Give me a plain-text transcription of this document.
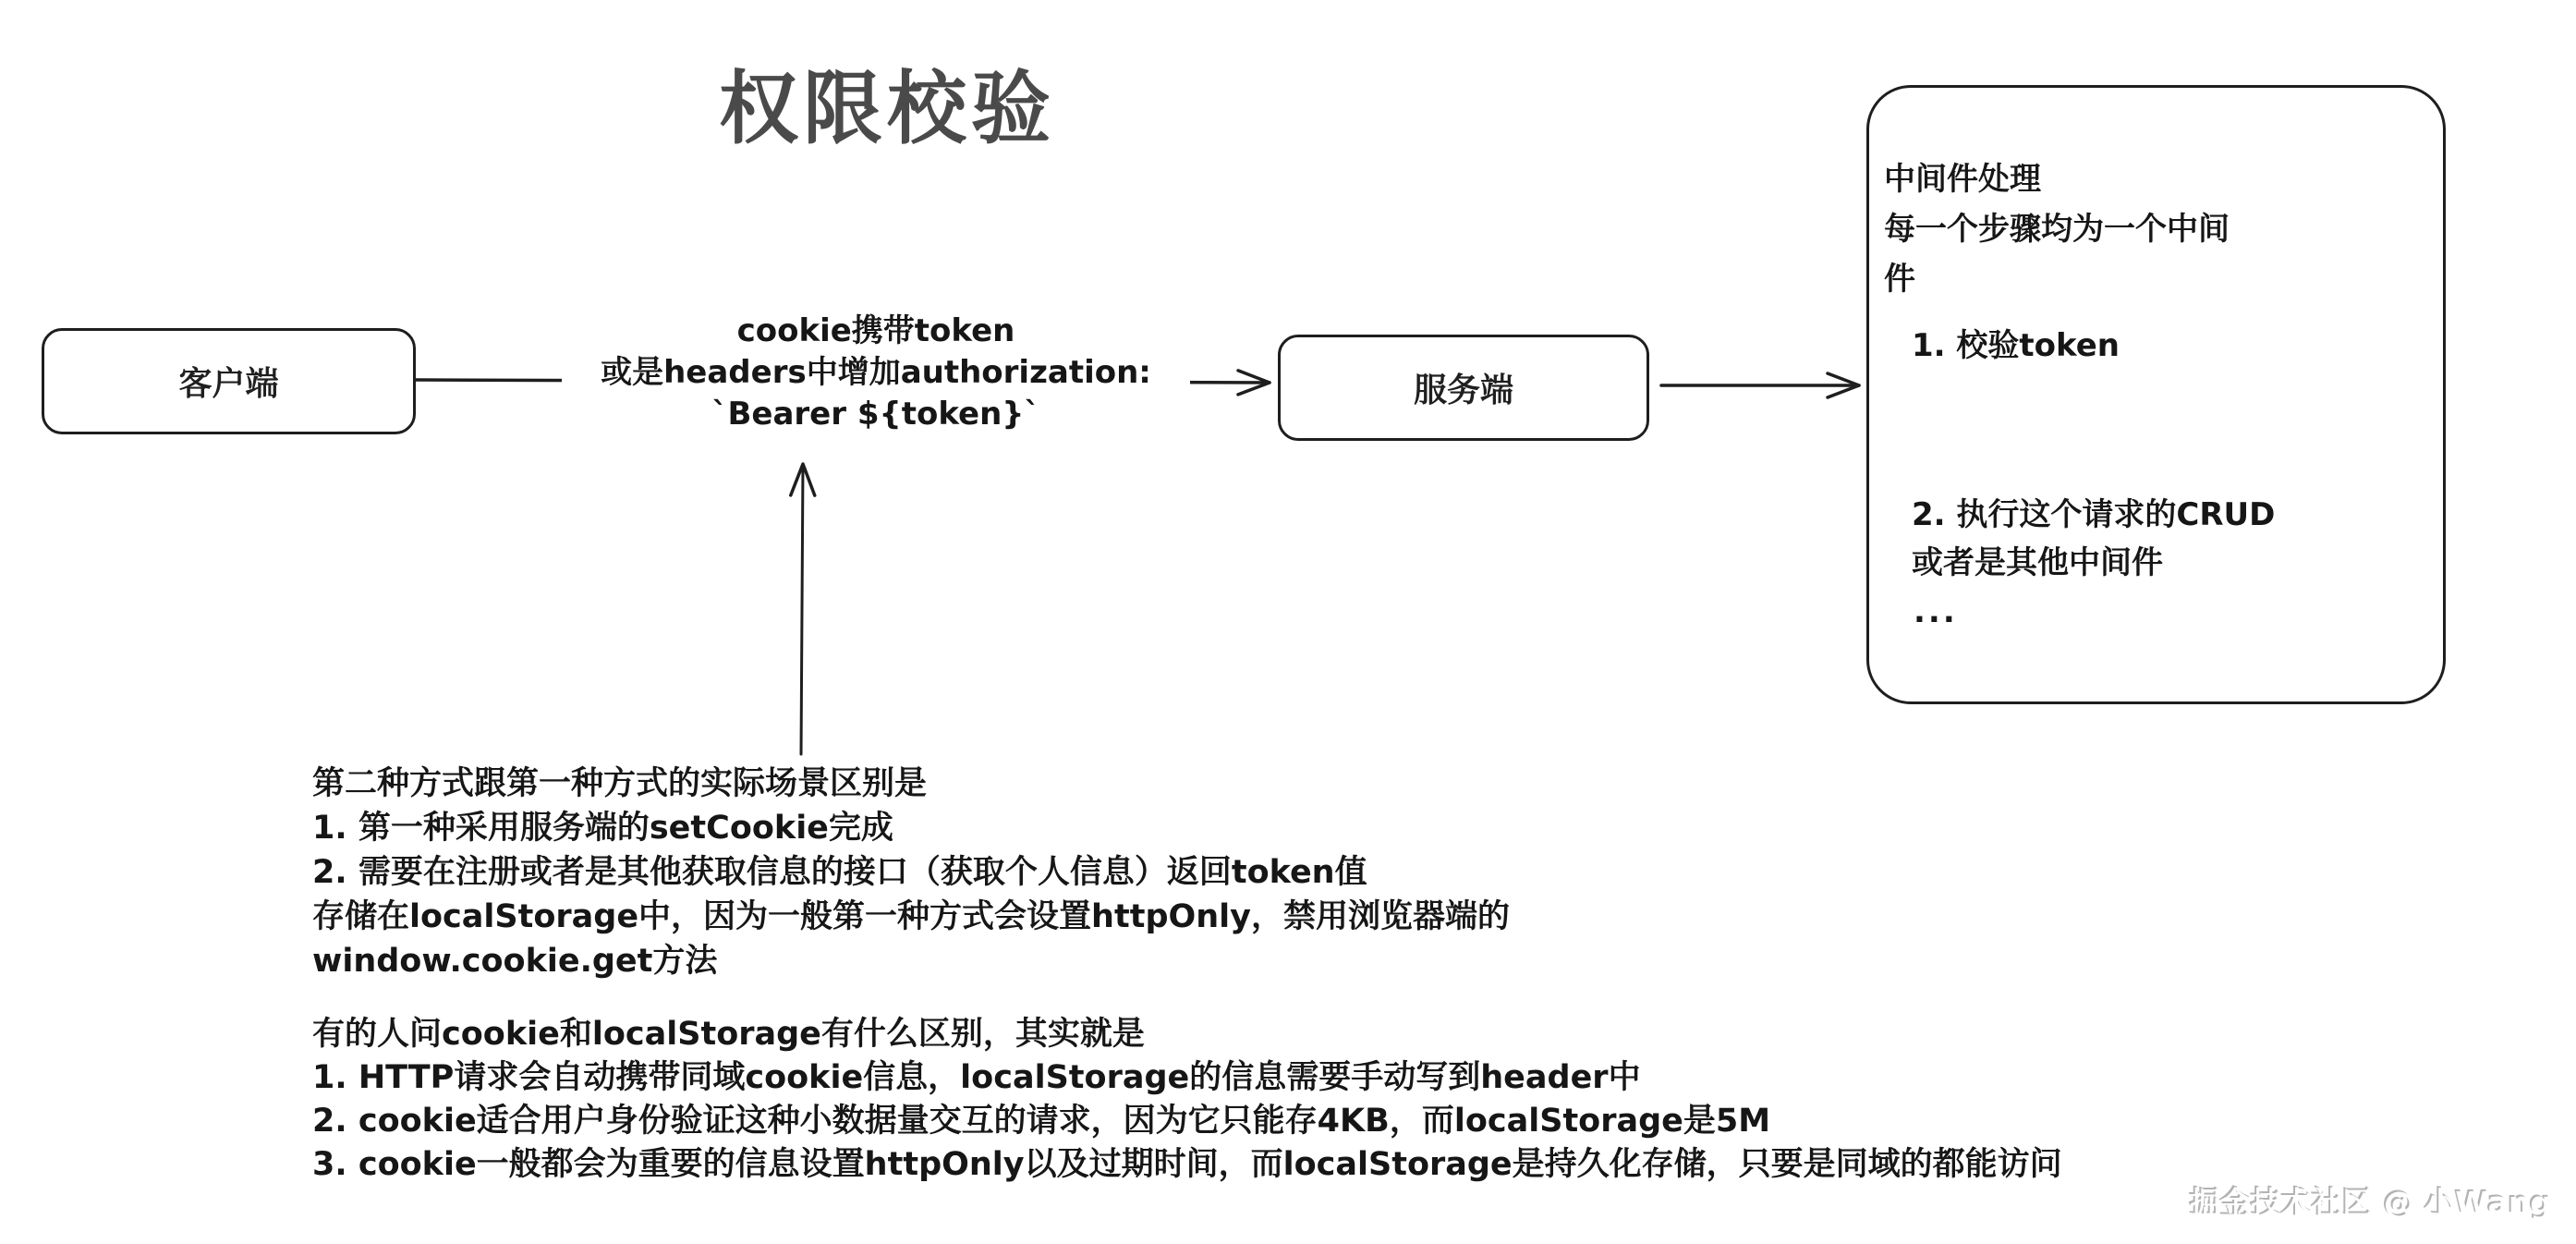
权限校验
客户端
cookie携带token
或是headers中增加authorization:
`Bearer ${token}`
服务端
中间件处理
每一个步骤均为一个中间
件
1. 校验token
2. 执行这个请求的CRUD
或者是其他中间件
...
第二种方式跟第一种方式的实际场景区别是
1. 第一种采用服务端的setCookie完成
2. 需要在注册或者是其他获取信息的接口（获取个人信息）返回token值
存储在localStorage中，因为一般第一种方式会设置httpOnly，禁用浏览器端的
window.cookie.get方法
有的人问cookie和localStorage有什么区别，其实就是
1. HTTP请求会自动携带同域cookie信息，localStorage的信息需要手动写到header中
2. cookie适合用户身份验证这种小数据量交互的请求，因为它只能存4KB，而localStorage是5M
3. cookie一般都会为重要的信息设置httpOnly以及过期时间，而localStorage是持久化存储，只要是同域的都能访问
掘金技术社区 @ 小Wang
